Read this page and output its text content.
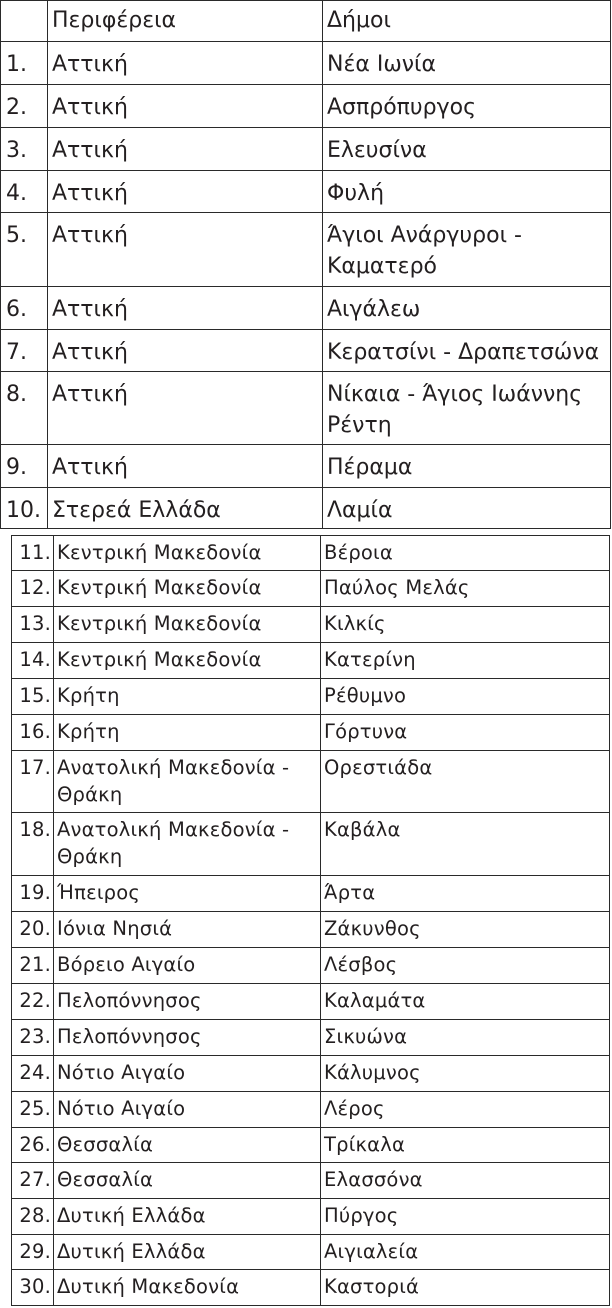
	Περιφέρεια	Δήμοι
1.	Αττική	Νέα Ιωνία
2.	Αττική	Ασπρόπυργος
3.	Αττική	Ελευσίνα
4.	Αττική	Φυλή
5.	Αττική	Άγιοι Ανάργυροι - Καματερό
6.	Αττική	Αιγάλεω
7.	Αττική	Κερατσίνι - Δραπετσώνα
8.	Αττική	Νίκαια - Άγιος Ιωάννης Ρέντη
9.	Αττική	Πέραμα
10.	Στερεά Ελλάδα	Λαμία
11.	Κεντρική Μακεδονία	Βέροια
12.	Κεντρική Μακεδονία	Παύλος Μελάς
13.	Κεντρική Μακεδονία	Κιλκίς
14.	Κεντρική Μακεδονία	Κατερίνη
15.	Κρήτη	Ρέθυμνο
16.	Κρήτη	Γόρτυνα
17.	Ανατολική Μακεδονία - Θράκη	Ορεστιάδα
18.	Ανατολική Μακεδονία - Θράκη	Καβάλα
19.	Ήπειρος	Άρτα
20.	Ιόνια Νησιά	Ζάκυνθος
21.	Βόρειο Αιγαίο	Λέσβος
22.	Πελοπόννησος	Καλαμάτα
23.	Πελοπόννησος	Σικυώνα
24.	Νότιο Αιγαίο	Κάλυμνος
25.	Νότιο Αιγαίο	Λέρος
26.	Θεσσαλία	Τρίκαλα
27.	Θεσσαλία	Ελασσόνα
28.	Δυτική Ελλάδα	Πύργος
29.	Δυτική Ελλάδα	Αιγιαλεία
30.	Δυτική Μακεδονία	Καστοριά
